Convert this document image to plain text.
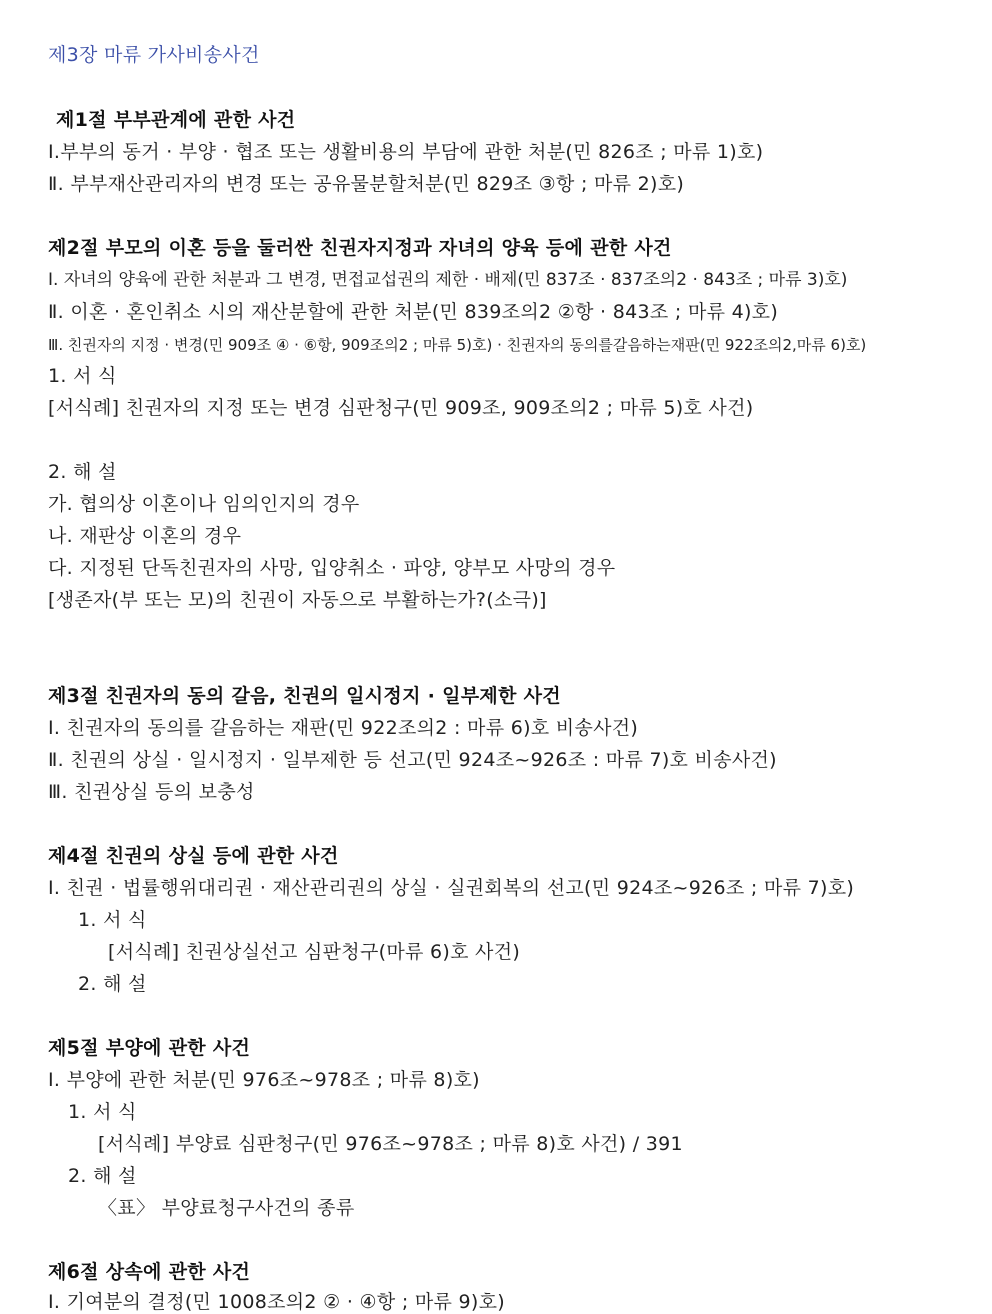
제3장 마류 가사비송사건
제1절 부부관계에 관한 사건
Ⅰ.부부의 동거 · 부양 · 협조 또는 생활비용의 부담에 관한 처분(민 826조 ; 마류 1)호)
Ⅱ. 부부재산관리자의 변경 또는 공유물분할처분(민 829조 ③항 ; 마류 2)호)
제2절 부모의 이혼 등을 둘러싼 친권자지정과 자녀의 양육 등에 관한 사건
Ⅰ. 자녀의 양육에 관한 처분과 그 변경, 면접교섭권의 제한 · 배제(민 837조 · 837조의2 · 843조 ; 마류 3)호)
Ⅱ. 이혼 · 혼인취소 시의 재산분할에 관한 처분(민 839조의2 ②항 · 843조 ; 마류 4)호)
Ⅲ. 친권자의 지정 · 변경(민 909조 ④ · ⑥항, 909조의2 ; 마류 5)호) · 친권자의 동의를갈음하는재판(민 922조의2,마류 6)호)
1. 서 식
[서식례] 친권자의 지정 또는 변경 심판청구(민 909조, 909조의2 ; 마류 5)호 사건)
2. 해 설
가. 협의상 이혼이나 임의인지의 경우
나. 재판상 이혼의 경우
다. 지정된 단독친권자의 사망, 입양취소 · 파양, 양부모 사망의 경우
[생존자(부 또는 모)의 친권이 자동으로 부활하는가?(소극)]
제3절 친권자의 동의 갈음, 친권의 일시정지 · 일부제한 사건
Ⅰ. 친권자의 동의를 갈음하는 재판(민 922조의2 : 마류 6)호 비송사건)
Ⅱ. 친권의 상실 · 일시정지 · 일부제한 등 선고(민 924조~926조 : 마류 7)호 비송사건)
Ⅲ. 친권상실 등의 보충성
제4절 친권의 상실 등에 관한 사건
Ⅰ. 친권 · 법률행위대리권 · 재산관리권의 상실 · 실권회복의 선고(민 924조~926조 ; 마류 7)호)
1. 서 식
[서식례] 친권상실선고 심판청구(마류 6)호 사건)
2. 해 설
제5절 부양에 관한 사건
Ⅰ. 부양에 관한 처분(민 976조~978조 ; 마류 8)호)
1. 서 식
[서식례] 부양료 심판청구(민 976조~978조 ; 마류 8)호 사건) / 391
2. 해 설
〈표〉 부양료청구사건의 종류
제6절 상속에 관한 사건
Ⅰ. 기여분의 결정(민 1008조의2 ② · ④항 ; 마류 9)호)
